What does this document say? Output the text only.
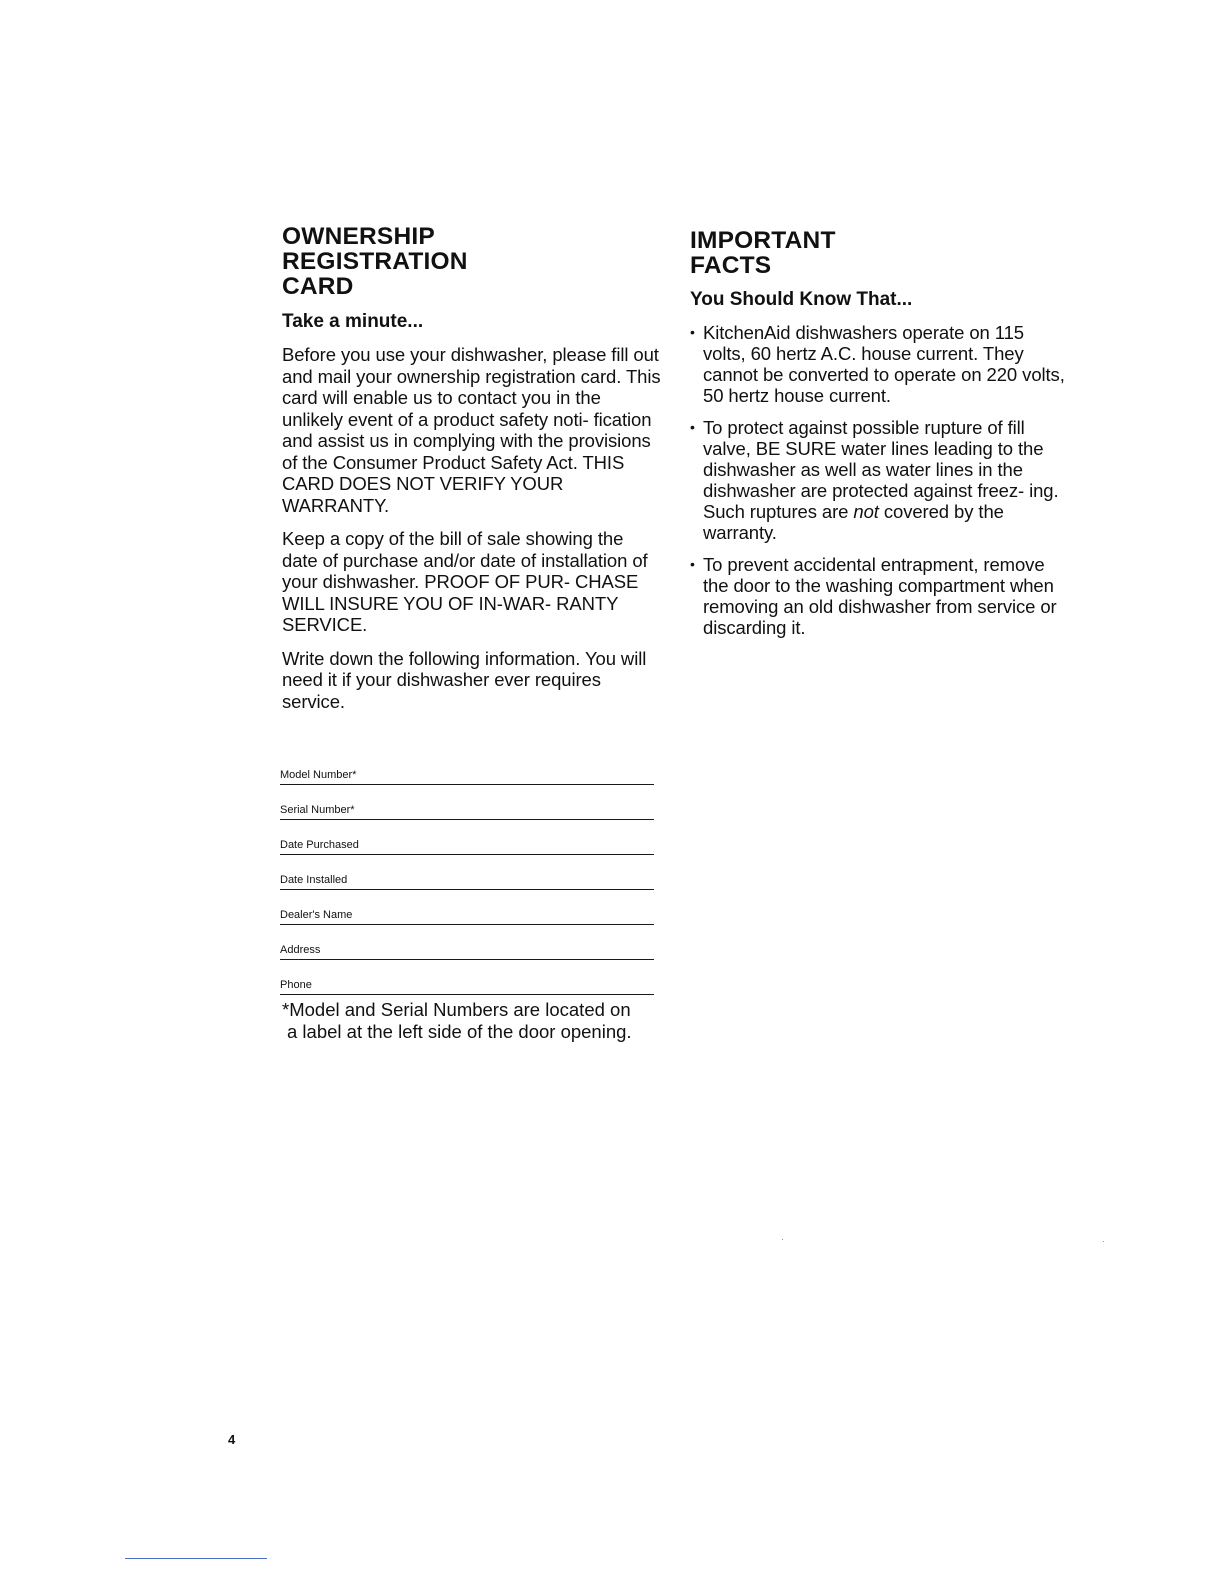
OWNERSHIP
REGISTRATION
CARD

Take a minute...

Before you use your dishwasher, please fill out and mail your ownership registration card. This card will enable us to contact you in the unlikely event of a product safety noti- fication and assist us in complying with the provisions of the Consumer Product Safety Act. THIS CARD DOES NOT VERIFY YOUR WARRANTY.

Keep a copy of the bill of sale showing the date of purchase and/or date of installation of your dishwasher. PROOF OF PUR- CHASE WILL INSURE YOU OF IN-WAR- RANTY SERVICE.

Write down the following information. You will need it if your dishwasher ever requires service.

Model Number*
Serial Number*
Date Purchased
Date Installed
Dealer's Name
Address
Phone
*Model and Serial Numbers are located on
a label at the left side of the door opening.
IMPORTANT
FACTS

You Should Know That...

• KitchenAid dishwashers operate on 115 volts, 60 hertz A.C. house current. They cannot be converted to operate on 220 volts, 50 hertz house current.
• To protect against possible rupture of fill valve, BE SURE water lines leading to the dishwasher as well as water lines in the dishwasher are protected against freez- ing. Such ruptures are not covered by the warranty.
• To prevent accidental entrapment, remove the door to the washing compartment when removing an old dishwasher from service or discarding it.
4
